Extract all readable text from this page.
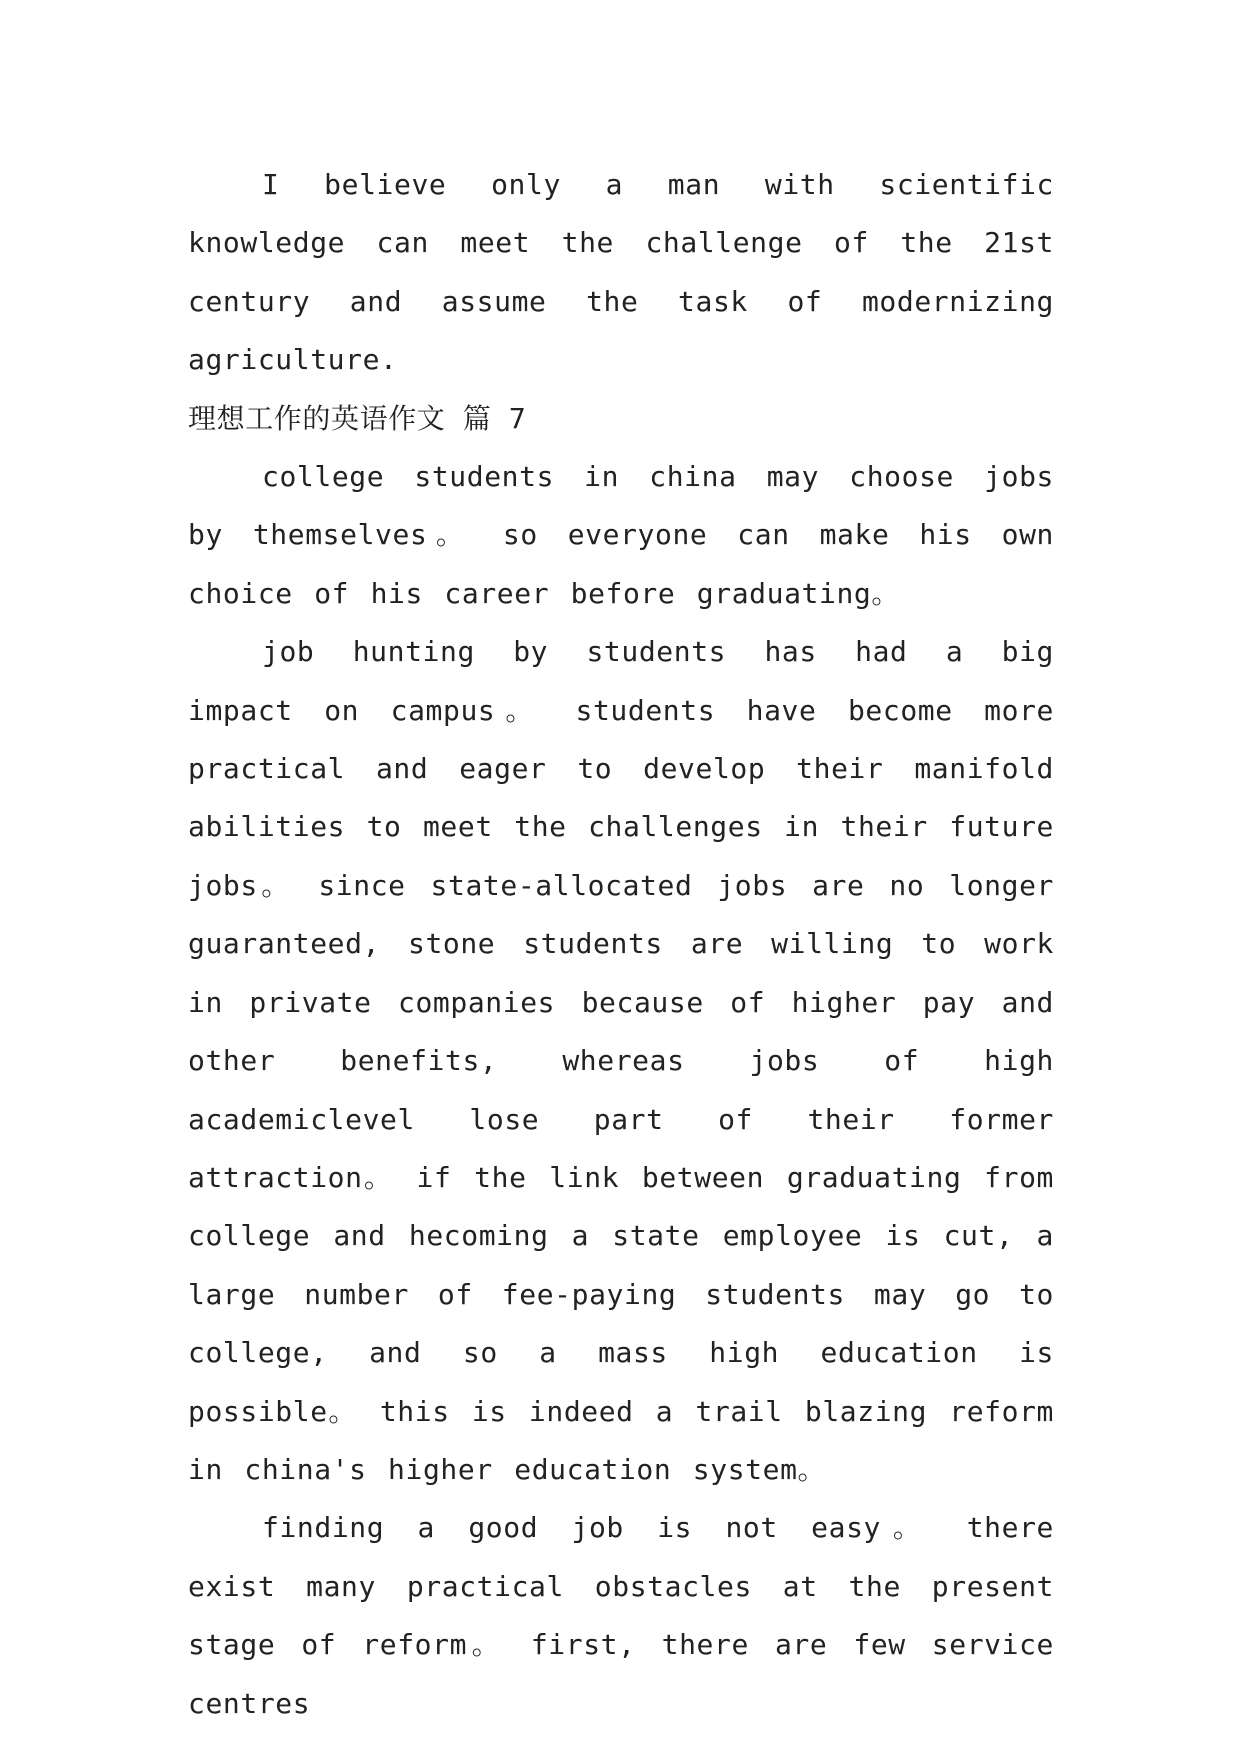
I believe only a man with scientific knowledge can meet the challenge of the 21st century and assume the task of modernizing agriculture.

理想工作的英语作文 篇 7

college students in china may choose jobs by themselves。 so everyone can make his own choice of his career before graduating。

job hunting by students has had a big impact on campus。 students have become more practical and eager to develop their manifold abilities to meet the challenges in their future jobs。 since state-allocated jobs are no longer guaranteed, stone students are willing to work in private companies because of higher pay and other benefits, whereas jobs of high academiclevel lose part of their former attraction。 if the link between graduating from college and hecoming a state employee is cut, a large number of fee-paying students may go to college, and so a mass high education is possible。 this is indeed a trail blazing reform in china's higher education system。

finding a good job is not easy。 there exist many practical obstacles at the present stage of reform。 first, there are few service centres
